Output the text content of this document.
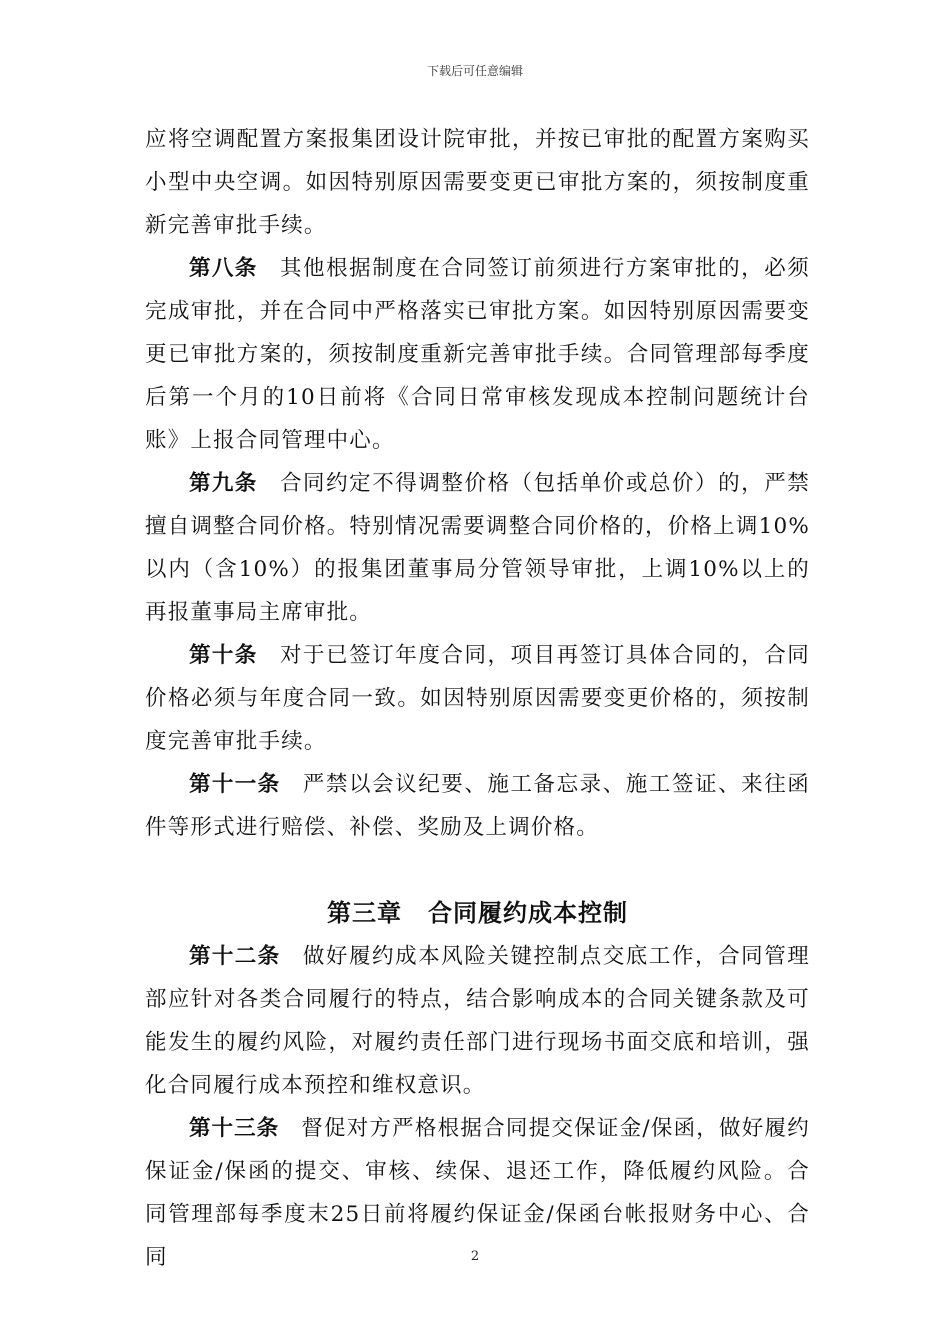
下载后可任意编辑

应将空调配置方案报集团设计院审批，并按已审批的配置方案购买小型中央空调。如因特别原因需要变更已审批方案的，须按制度重新完善审批手续。

第八条 其他根据制度在合同签订前须进行方案审批的，必须完成审批，并在合同中严格落实已审批方案。如因特别原因需要变更已审批方案的，须按制度重新完善审批手续。合同管理部每季度后第一个月的10日前将《合同日常审核发现成本控制问题统计台账》上报合同管理中心。

第九条 合同约定不得调整价格（包括单价或总价）的，严禁擅自调整合同价格。特别情况需要调整合同价格的，价格上调10%以内（含10%）的报集团董事局分管领导审批，上调10%以上的再报董事局主席审批。

第十条 对于已签订年度合同，项目再签订具体合同的，合同价格必须与年度合同一致。如因特别原因需要变更价格的，须按制度完善审批手续。

第十一条 严禁以会议纪要、施工备忘录、施工签证、来往函件等形式进行赔偿、补偿、奖励及上调价格。

第三章 合同履约成本控制

第十二条 做好履约成本风险关键控制点交底工作，合同管理部应针对各类合同履行的特点，结合影响成本的合同关键条款及可能发生的履约风险，对履约责任部门进行现场书面交底和培训，强化合同履行成本预控和维权意识。

第十三条 督促对方严格根据合同提交保证金/保函，做好履约保证金/保函的提交、审核、续保、退还工作，降低履约风险。合同管理部每季度末25日前将履约保证金/保函台帐报财务中心、合同	2
